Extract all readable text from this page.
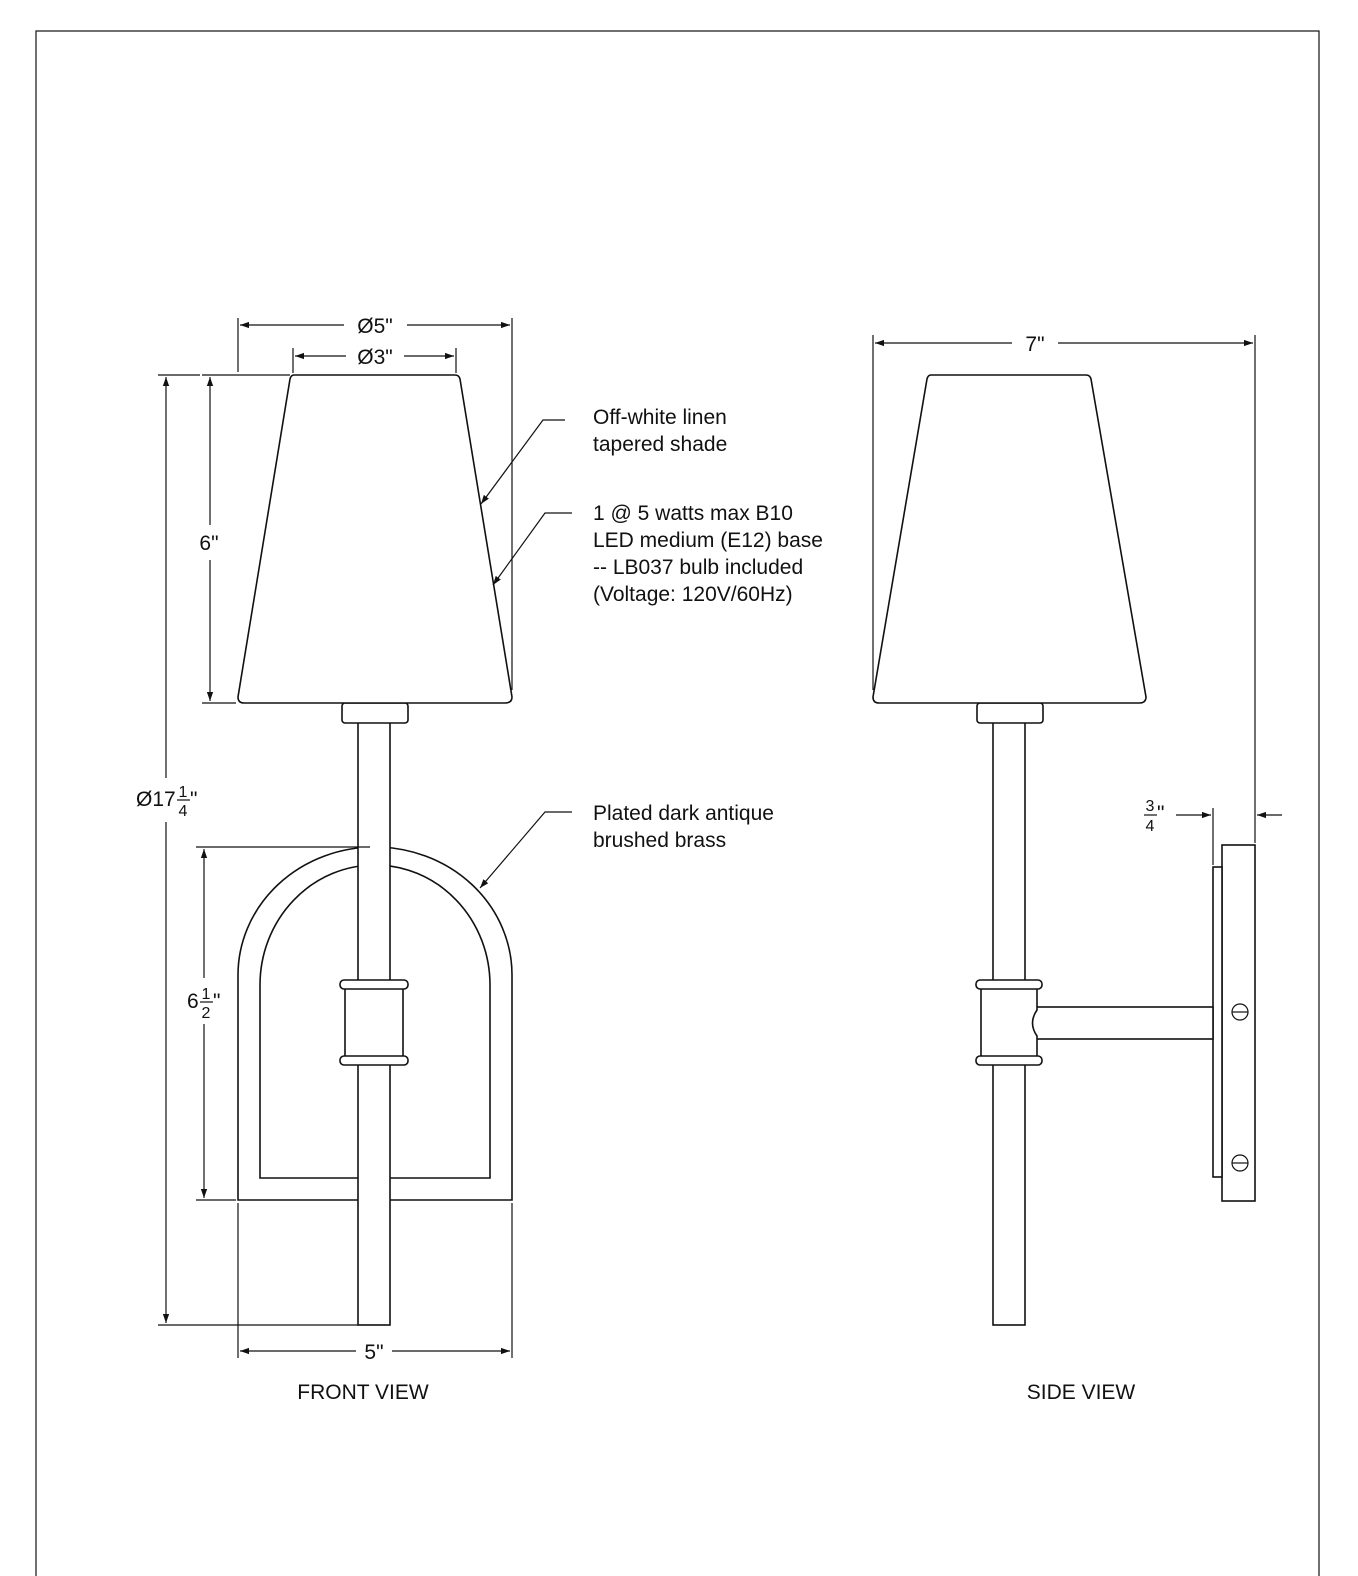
Ø5"
Ø3"
6"
Ø17 1
4
"
6 1
2
"
5"
FRONT VIEW
Off-white linen
tapered shade
1 @ 5 watts max B10
LED medium (E12) base
-- LB037 bulb included
(Voltage: 120V/60Hz)
Plated dark antique
brushed brass
7"
3
4
"
SIDE VIEW
